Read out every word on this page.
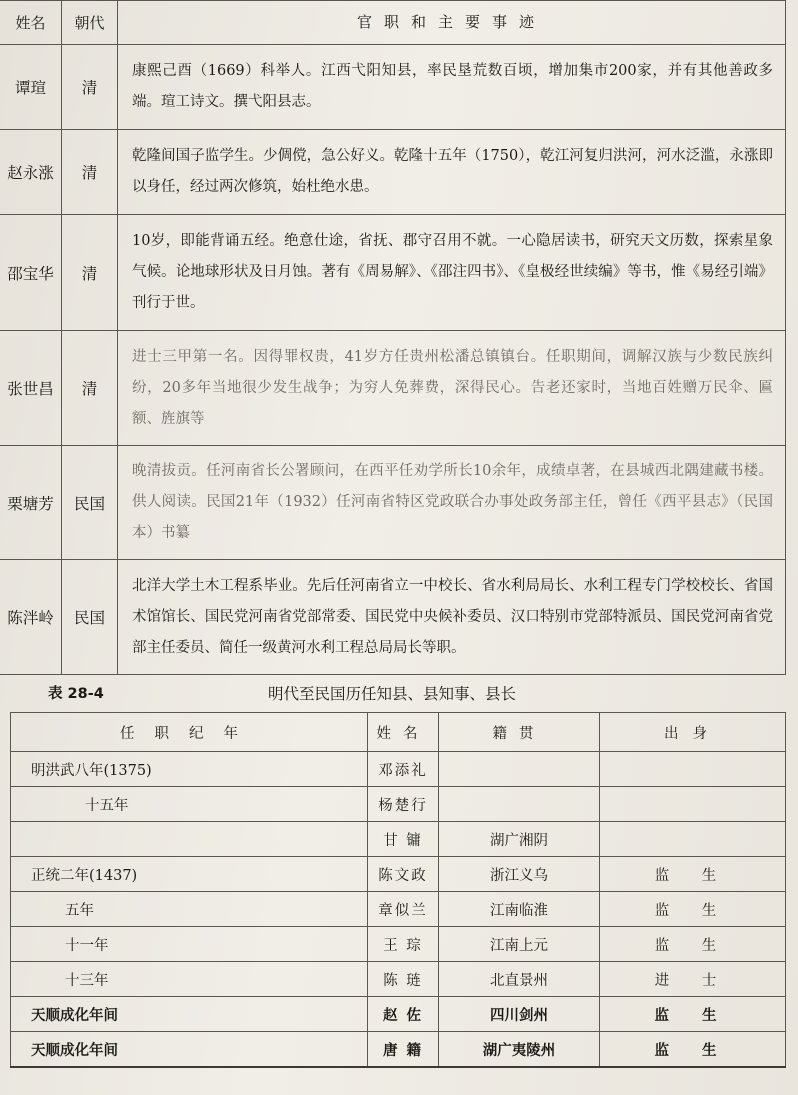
姓名	朝代	官职和主要事迹
谭瑄	清	康熙己酉（1669）科举人。江西弋阳知县，率民垦荒数百顷，增加集市200家，并有其他善政多端。瑄工诗文。撰弋阳县志。
赵永涨	清	乾隆间国子监学生。少倜傥，急公好义。乾隆十五年（1750），乾江河复归洪河，河水泛滥，永涨即以身任，经过两次修筑，始杜绝水患。
邵宝华	清	10岁，即能背诵五经。绝意仕途，省抚、郡守召用不就。一心隐居读书，研究天文历数，探索星象气候。论地球形状及日月蚀。著有《周易解》、《邵注四书》、《皇极经世续编》等书，惟《易经引端》刊行于世。
张世昌	清	进士三甲第一名。因得罪权贵，41岁方任贵州松潘总镇镇台。任职期间，调解汉族与少数民族纠纷，20多年当地很少发生战争；为穷人免葬费，深得民心。告老还家时，当地百姓赠万民伞、匾额、旌旗等
栗塘芳	民国	晚清拔贡。任河南省长公署顾问，在西平任劝学所长10余年，成绩卓著，在县城西北隅建藏书楼。供人阅读。民国21年（1932）任河南省特区党政联合办事处政务部主任，曾任《西平县志》（民国本）书纂
陈泮岭	民国	北洋大学土木工程系毕业。先后任河南省立一中校长、省水利局局长、水利工程专门学校校长、省国术馆馆长、国民党河南省党部常委、国民党中央候补委员、汉口特别市党部特派员、国民党河南省党部主任委员、简任一级黄河水利工程总局局长等职。
表 28-4	明代至民国历任知县、县知事、县长
任职纪年	姓名	籍贯	出身
明洪武八年(1375)	邓添礼		
十五年	杨楚行		
	甘 镛	湖广湘阴	
正统二年(1437)	陈文政	浙江义乌	监 生
五年	章似兰	江南临淮	监 生
十一年	王 琮	江南上元	监 生
十三年	陈 琏	北直景州	进 士
天顺成化年间	赵 佐	四川剑州	监 生
天顺成化年间	唐 籍	湖广夷陵州	监 生
